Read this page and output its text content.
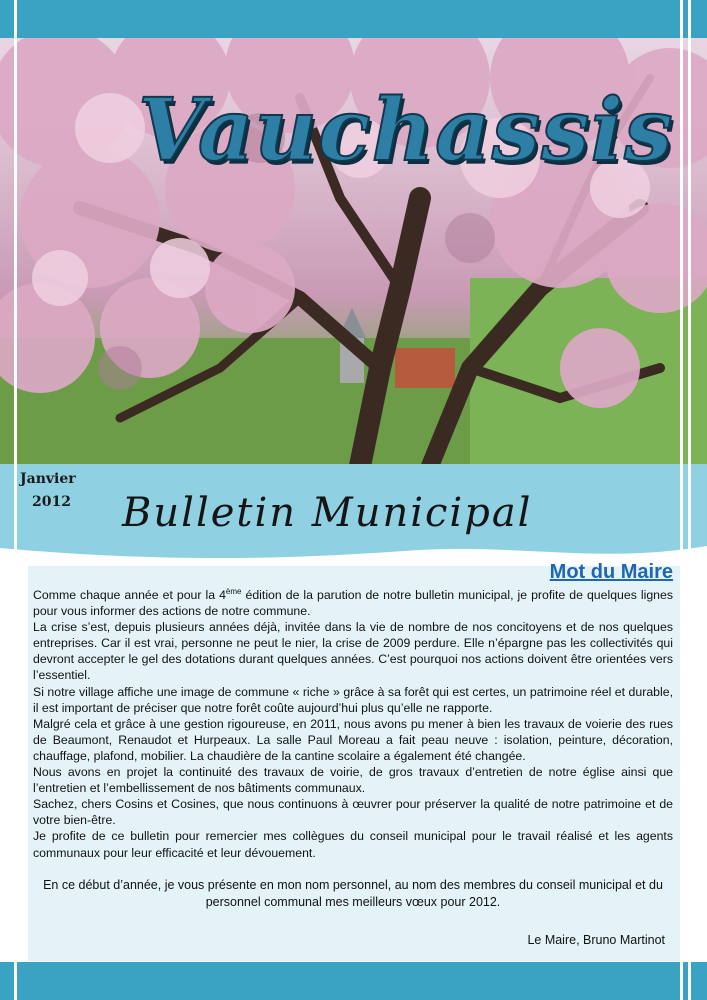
Vauchassis
Janvier
2012 Bulletin Municipal
Mot du Maire

Comme chaque année et pour la 4ème édition de la parution de notre bulletin municipal, je profite de quelques lignes pour vous informer des actions de notre commune.

La crise s’est, depuis plusieurs années déjà, invitée dans la vie de nombre de nos concitoyens et de nos quelques entreprises. Car il est vrai, personne ne peut le nier, la crise de 2009 perdure. Elle n’épargne pas les collectivités qui devront accepter le gel des dotations durant quelques années. C’est pourquoi nos actions doivent être orientées vers l’essentiel.

Si notre village affiche une image de commune « riche » grâce à sa forêt qui est certes, un patrimoine réel et durable, il est important de préciser que notre forêt coûte aujourd’hui plus qu’elle ne rapporte.

Malgré cela et grâce à une gestion rigoureuse, en 2011, nous avons pu mener à bien les travaux de voierie des rues de Beaumont, Renaudot et Hurpeaux. La salle Paul Moreau a fait peau neuve : isolation, peinture, décoration, chauffage, plafond, mobilier. La chaudière de la cantine scolaire a également été changée.

Nous avons en projet la continuité des travaux de voirie, de gros travaux d’entretien de notre église ainsi que l’entretien et l’embellissement de nos bâtiments communaux.

Sachez, chers Cosins et Cosines, que nous continuons à œuvrer pour préserver la qualité de notre patrimoine et de votre bien-être.

Je profite de ce bulletin pour remercier mes collègues du conseil municipal pour le travail réalisé et les agents communaux pour leur efficacité et leur dévouement.

En ce début d’année, je vous présente en mon nom personnel, au nom des membres du conseil municipal et du personnel communal mes meilleurs vœux pour 2012.
Le Maire, Bruno Martinot
